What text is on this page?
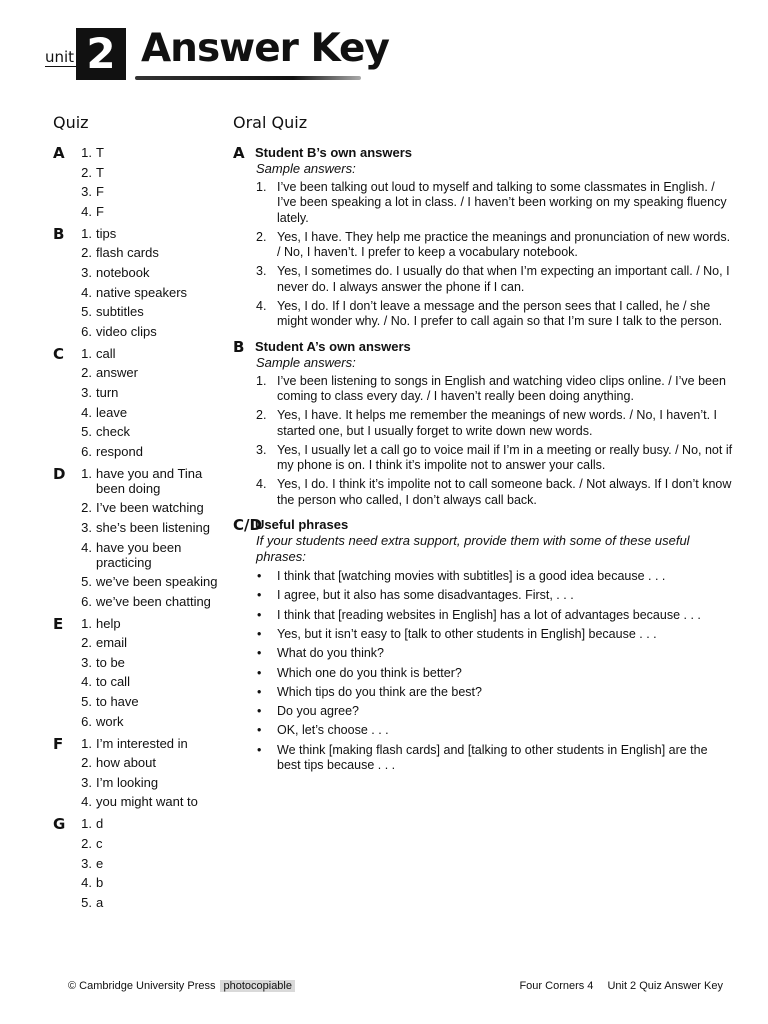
unit 2 Answer Key
Quiz
A	1. T
2. T
3. F
4. F
B	1. tips
2. flash cards
3. notebook
4. native speakers
5. subtitles
6. video clips
C	1. call
2. answer
3. turn
4. leave
5. check
6. respond
D	1. have you and Tina been doing
2. I’ve been watching
3. she’s been listening
4. have you been practicing
5. we’ve been speaking
6. we’ve been chatting
E	1. help
2. email
3. to be
4. to call
5. to have
6. work
F	1. I’m interested in
2. how about
3. I’m looking
4. you might want to
G	1. d
2. c
3. e
4. b
5. a
Oral Quiz
A Student B’s own answers
Sample answers:
1. I’ve been talking out loud to myself and talking to some classmates in English. / I’ve been speaking a lot in class. / I haven’t been working on my speaking fluency lately.
2. Yes, I have. They help me practice the meanings and pronunciation of new words. / No, I haven’t. I prefer to keep a vocabulary notebook.
3. Yes, I sometimes do. I usually do that when I’m expecting an important call. / No, I never do. I always answer the phone if I can.
4. Yes, I do. If I don’t leave a message and the person sees that I called, he / she might wonder why. / No. I prefer to call again so that I’m sure I talk to the person.
B Student A’s own answers
Sample answers:
1. I’ve been listening to songs in English and watching video clips online. / I’ve been coming to class every day. / I haven’t really been doing anything.
2. Yes, I have. It helps me remember the meanings of new words. / No, I haven’t. I started one, but I usually forget to write down new words.
3. Yes, I usually let a call go to voice mail if I’m in a meeting or really busy. / No, not if my phone is on. I think it’s impolite not to answer your calls.
4. Yes, I do. I think it’s impolite not to call someone back. / Not always. If I don’t know the person who called, I don’t always call back.
C/D
Useful phrases
If your students need extra support, provide them with some of these useful phrases:
• I think that [watching movies with subtitles] is a good idea because . . .
• I agree, but it also has some disadvantages. First, . . .
• I think that [reading websites in English] has a lot of advantages because . . .
• Yes, but it isn’t easy to [talk to other students in English] because . . .
• What do you think?
• Which one do you think is better?
• Which tips do you think are the best?
• Do you agree?
• OK, let’s choose . . .
• We think [making flash cards] and [talking to other students in English] are the best tips because . . .
© Cambridge University Press photocopiable	Four Corners 4 Unit 2 Quiz Answer Key
